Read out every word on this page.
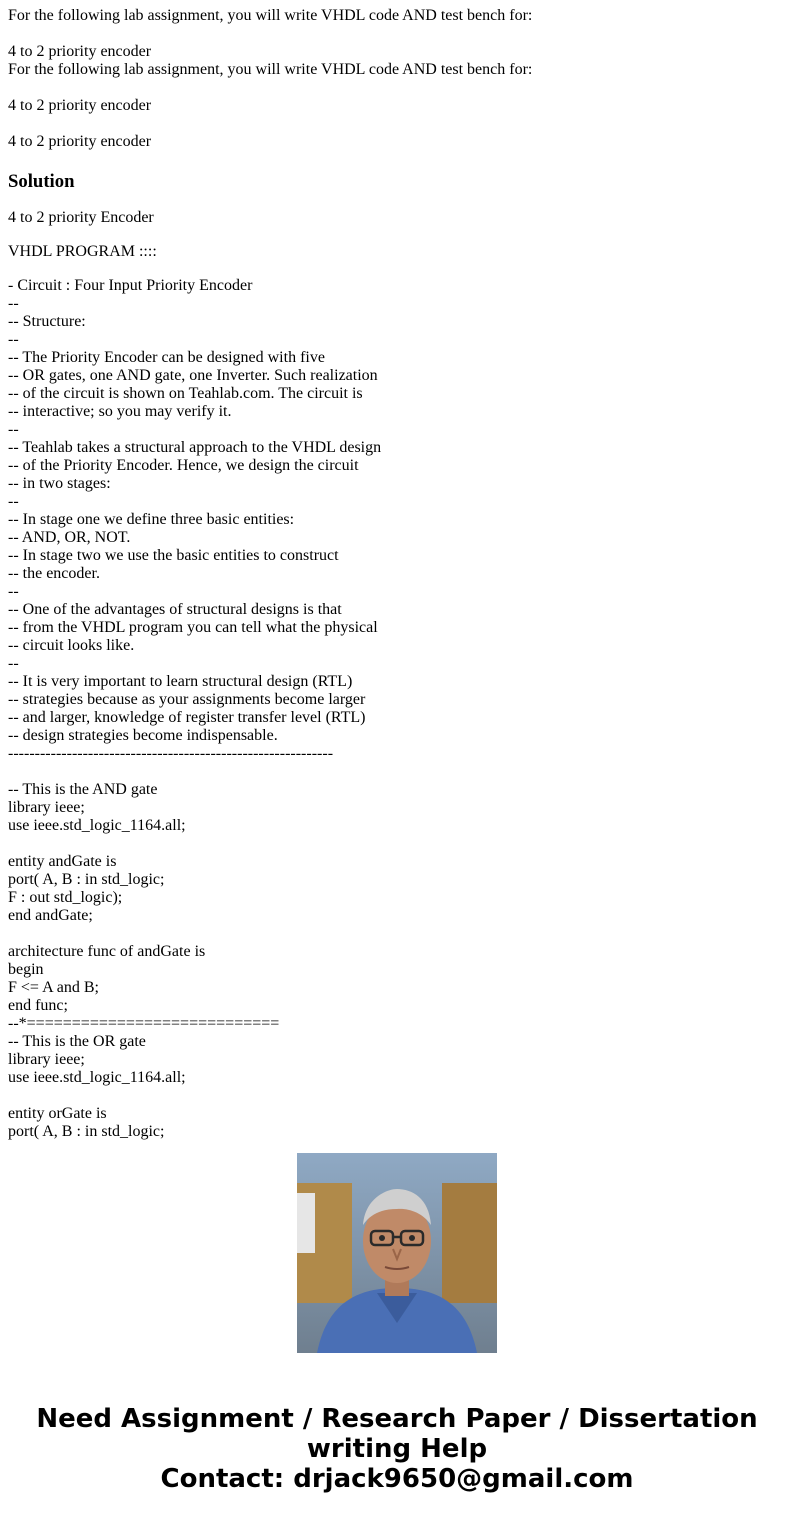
For the following lab assignment, you will write VHDL code AND test bench for:
4 to 2 priority encoder
For the following lab assignment, you will write VHDL code AND test bench for:
4 to 2 priority encoder
4 to 2 priority encoder
Solution
4 to 2 priority Encoder
VHDL PROGRAM ::::
- Circuit : Four Input Priority Encoder
--
-- Structure:
--
-- The Priority Encoder can be designed with five
-- OR gates, one AND gate, one Inverter. Such realization
-- of the circuit is shown on Teahlab.com. The circuit is
-- interactive; so you may verify it.
--
-- Teahlab takes a structural approach to the VHDL design
-- of the Priority Encoder. Hence, we design the circuit
-- in two stages:
--
-- In stage one we define three basic entities:
-- AND, OR, NOT.
-- In stage two we use the basic entities to construct
-- the encoder.
--
-- One of the advantages of structural designs is that
-- from the VHDL program you can tell what the physical
-- circuit looks like.
--
-- It is very important to learn structural design (RTL)
-- strategies because as your assignments become larger
-- and larger, knowledge of register transfer level (RTL)
-- design strategies become indispensable.
-------------------------------------------------------------
-- This is the AND gate
library ieee;
use ieee.std_logic_1164.all;
entity andGate is
port( A, B : in std_logic;
F : out std_logic);
end andGate;
architecture func of andGate is
begin
F <= A and B;
end func;
--*============================
-- This is the OR gate
library ieee;
use ieee.std_logic_1164.all;
entity orGate is
port( A, B : in std_logic;
Need Assignment / Research Paper / Dissertation
writing Help
Contact: drjack9650@gmail.com
